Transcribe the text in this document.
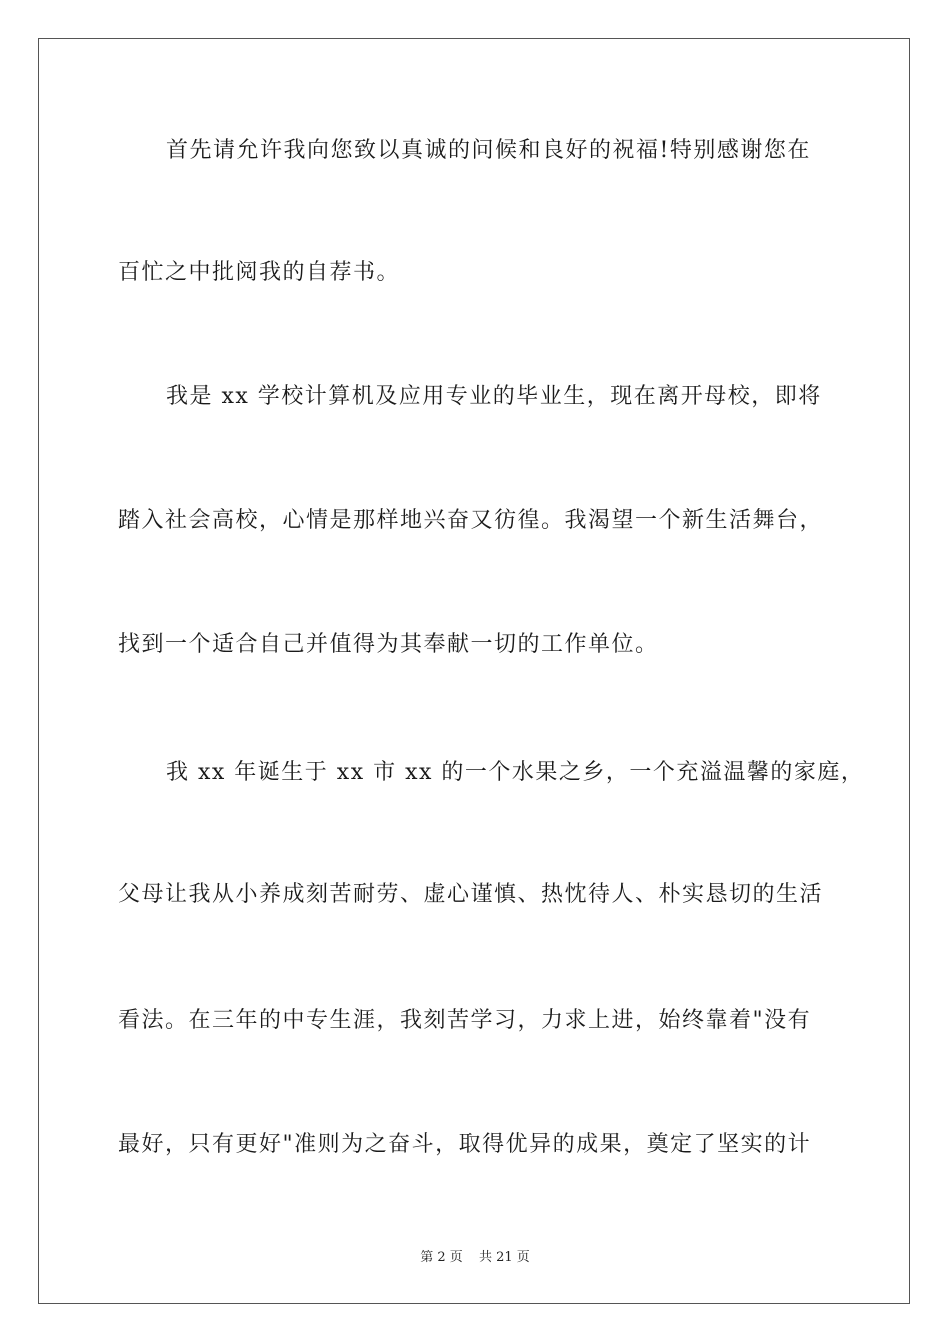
首先请允许我向您致以真诚的问候和良好的祝福!特别感谢您在
百忙之中批阅我的自荐书。
我是 xx 学校计算机及应用专业的毕业生，现在离开母校，即将
踏入社会高校，心情是那样地兴奋又彷徨。我渴望一个新生活舞台，
找到一个适合自己并值得为其奉献一切的工作单位。
我 xx 年诞生于 xx 市 xx 的一个水果之乡，一个充溢温馨的家庭，
父母让我从小养成刻苦耐劳、虚心谨慎、热忱待人、朴实恳切的生活
看法。在三年的中专生涯，我刻苦学习，力求上进，始终靠着"没有
最好，只有更好"准则为之奋斗，取得优异的成果，奠定了坚实的计
第 2 页 共 21 页
